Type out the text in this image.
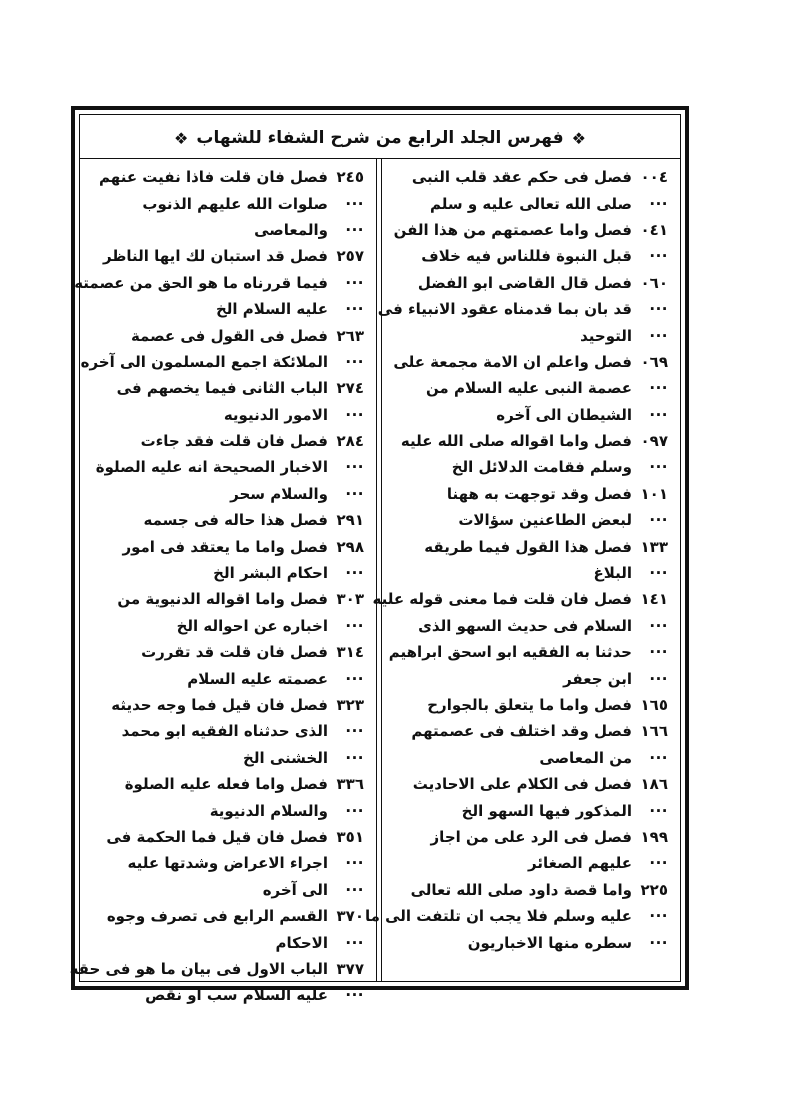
❖
فهرس الجلد الرابع من شرح الشفاء للشهاب
❖
٠٠٤
فصل فى حكم عقد قلب النبى
···
صلى الله تعالى عليه و سلم
٠٤١
فصل واما عصمتهم من هذا الفن
···
قبل النبوة فللناس فيه خلاف
٠٦٠
فصل قال القاضى ابو الفضل
···
قد بان بما قدمناه عقود الانبياء فى
···
التوحيد
٠٦٩
فصل واعلم ان الامة مجمعة على
···
عصمة النبى عليه السلام من
···
الشيطان الى آخره
٠٩٧
فصل واما اقواله صلى الله عليه
···
وسلم فقامت الدلائل الخ
١٠١
فصل وقد توجهت به ههنا
···
لبعض الطاعنين سؤالات
١٣٣
فصل هذا القول فيما طريقه
···
البلاغ
١٤١
فصل فان قلت فما معنى قوله عليه
···
السلام فى حديث السهو الذى
···
حدثنا به الفقيه ابو اسحق ابراهيم
···
ابن جعفر
١٦٥
فصل واما ما يتعلق بالجوارح
١٦٦
فصل وقد اختلف فى عصمتهم
···
من المعاصى
١٨٦
فصل فى الكلام على الاحاديث
···
المذكور فيها السهو الخ
١٩٩
فصل فى الرد على من اجاز
···
عليهم الصغائر
٢٢٥
واما قصة داود صلى الله تعالى
···
عليه وسلم فلا يجب ان تلتفت الى ما
···
سطره منها الاخباريون
٢٤٥
فصل فان قلت فاذا نفيت عنهم
···
صلوات الله عليهم الذنوب
···
والمعاصى
٢٥٧
فصل قد استبان لك ايها الناظر
···
فيما قررناه ما هو الحق من عصمته
···
عليه السلام الخ
٢٦٣
فصل فى القول فى عصمة
···
الملائكة اجمع المسلمون الى آخره
٢٧٤
الباب الثانى فيما يخصهم فى
···
الامور الدنيويه
٢٨٤
فصل فان قلت فقد جاءت
···
الاخبار الصحيحة انه عليه الصلوة
···
والسلام سحر
٢٩١
فصل هذا حاله فى جسمه
٢٩٨
فصل واما ما يعتقد فى امور
···
احكام البشر الخ
٣٠٣
فصل واما اقواله الدنيوية من
···
اخباره عن احواله الخ
٣١٤
فصل فان قلت قد تقررت
···
عصمته عليه السلام
٣٢٣
فصل فان قيل فما وجه حديثه
···
الذى حدثناه الفقيه ابو محمد
···
الخشنى الخ
٣٣٦
فصل واما فعله عليه الصلوة
···
والسلام الدنيوية
٣٥١
فصل فان قيل فما الحكمة فى
···
اجراء الاعراض وشدتها عليه
···
الى آخره
٣٧٠
القسم الرابع فى تصرف وجوه
···
الاحكام
٣٧٧
الباب الاول فى بيان ما هو فى حقه
···
عليه السلام سب او نقص
